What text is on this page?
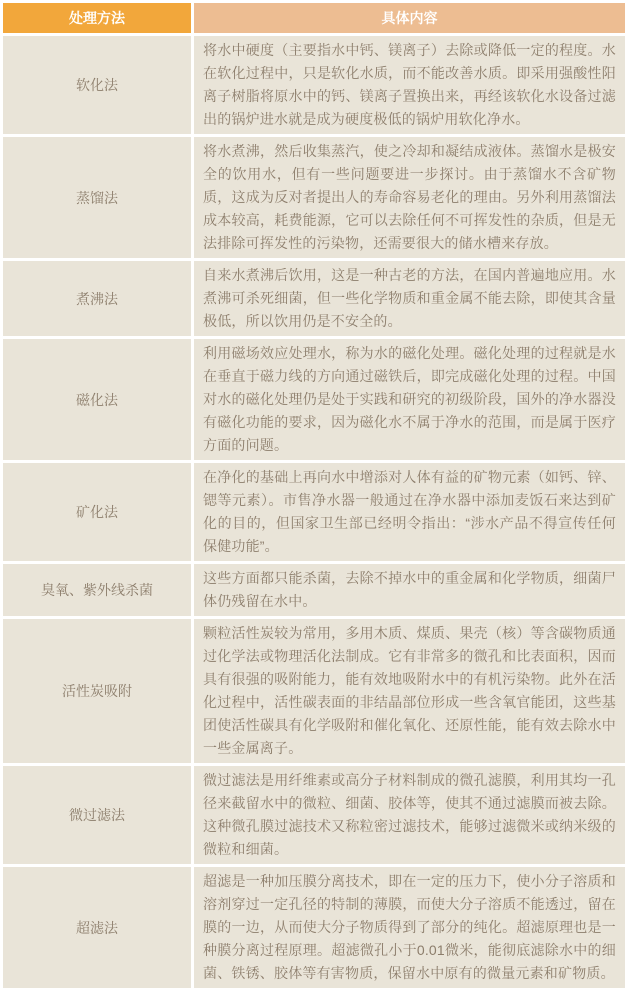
处理方法	具体内容
软化法	将水中硬度（主要指水中钙、镁离子）去除或降低一定的程度。水在软化过程中，只是软化水质，而不能改善水质。即采用强酸性阳离子树脂将原水中的钙、镁离子置换出来，再经该软化水设备过滤出的锅炉进水就是成为硬度极低的锅炉用软化净水。
蒸馏法	将水煮沸，然后收集蒸汽，使之冷却和凝结成液体。蒸馏水是极安全的饮用水，但有一些问题要进一步探讨。由于蒸馏水不含矿物质，这成为反对者提出人的寿命容易老化的理由。另外利用蒸馏法成本较高，耗费能源，它可以去除任何不可挥发性的杂质，但是无法排除可挥发性的污染物，还需要很大的储水槽来存放。
煮沸法	自来水煮沸后饮用，这是一种古老的方法，在国内普遍地应用。水煮沸可杀死细菌，但一些化学物质和重金属不能去除，即使其含量极低，所以饮用仍是不安全的。
磁化法	利用磁场效应处理水，称为水的磁化处理。磁化处理的过程就是水在垂直于磁力线的方向通过磁铁后，即完成磁化处理的过程。中国对水的磁化处理仍是处于实践和研究的初级阶段，国外的净水器没有磁化功能的要求，因为磁化水不属于净水的范围，而是属于医疗方面的问题。
矿化法	在净化的基础上再向水中增添对人体有益的矿物元素（如钙、锌、锶等元素）。市售净水器一般通过在净水器中添加麦饭石来达到矿化的目的，但国家卫生部已经明令指出：“涉水产品不得宣传任何保健功能”。
臭氧、紫外线杀菌	这些方面都只能杀菌，去除不掉水中的重金属和化学物质，细菌尸体仍残留在水中。
活性炭吸附	颗粒活性炭较为常用，多用木质、煤质、果壳（核）等含碳物质通过化学法或物理活化法制成。它有非常多的微孔和比表面积，因而具有很强的吸附能力，能有效地吸附水中的有机污染物。此外在活化过程中，活性碳表面的非结晶部位形成一些含氧官能团，这些基团使活性碳具有化学吸附和催化氧化、还原性能，能有效去除水中一些金属离子。
微过滤法	微过滤法是用纤维素或高分子材料制成的微孔滤膜，利用其均一孔径来截留水中的微粒、细菌、胶体等，使其不通过滤膜而被去除。这种微孔膜过滤技术又称粒密过滤技术，能够过滤微米或纳米级的微粒和细菌。
超滤法	超滤是一种加压膜分离技术，即在一定的压力下，使小分子溶质和溶剂穿过一定孔径的特制的薄膜，而使大分子溶质不能透过，留在膜的一边，从而使大分子物质得到了部分的纯化。超滤原理也是一种膜分离过程原理。超滤微孔小于0.01微米，能彻底滤除水中的细菌、铁锈、胶体等有害物质，保留水中原有的微量元素和矿物质。
